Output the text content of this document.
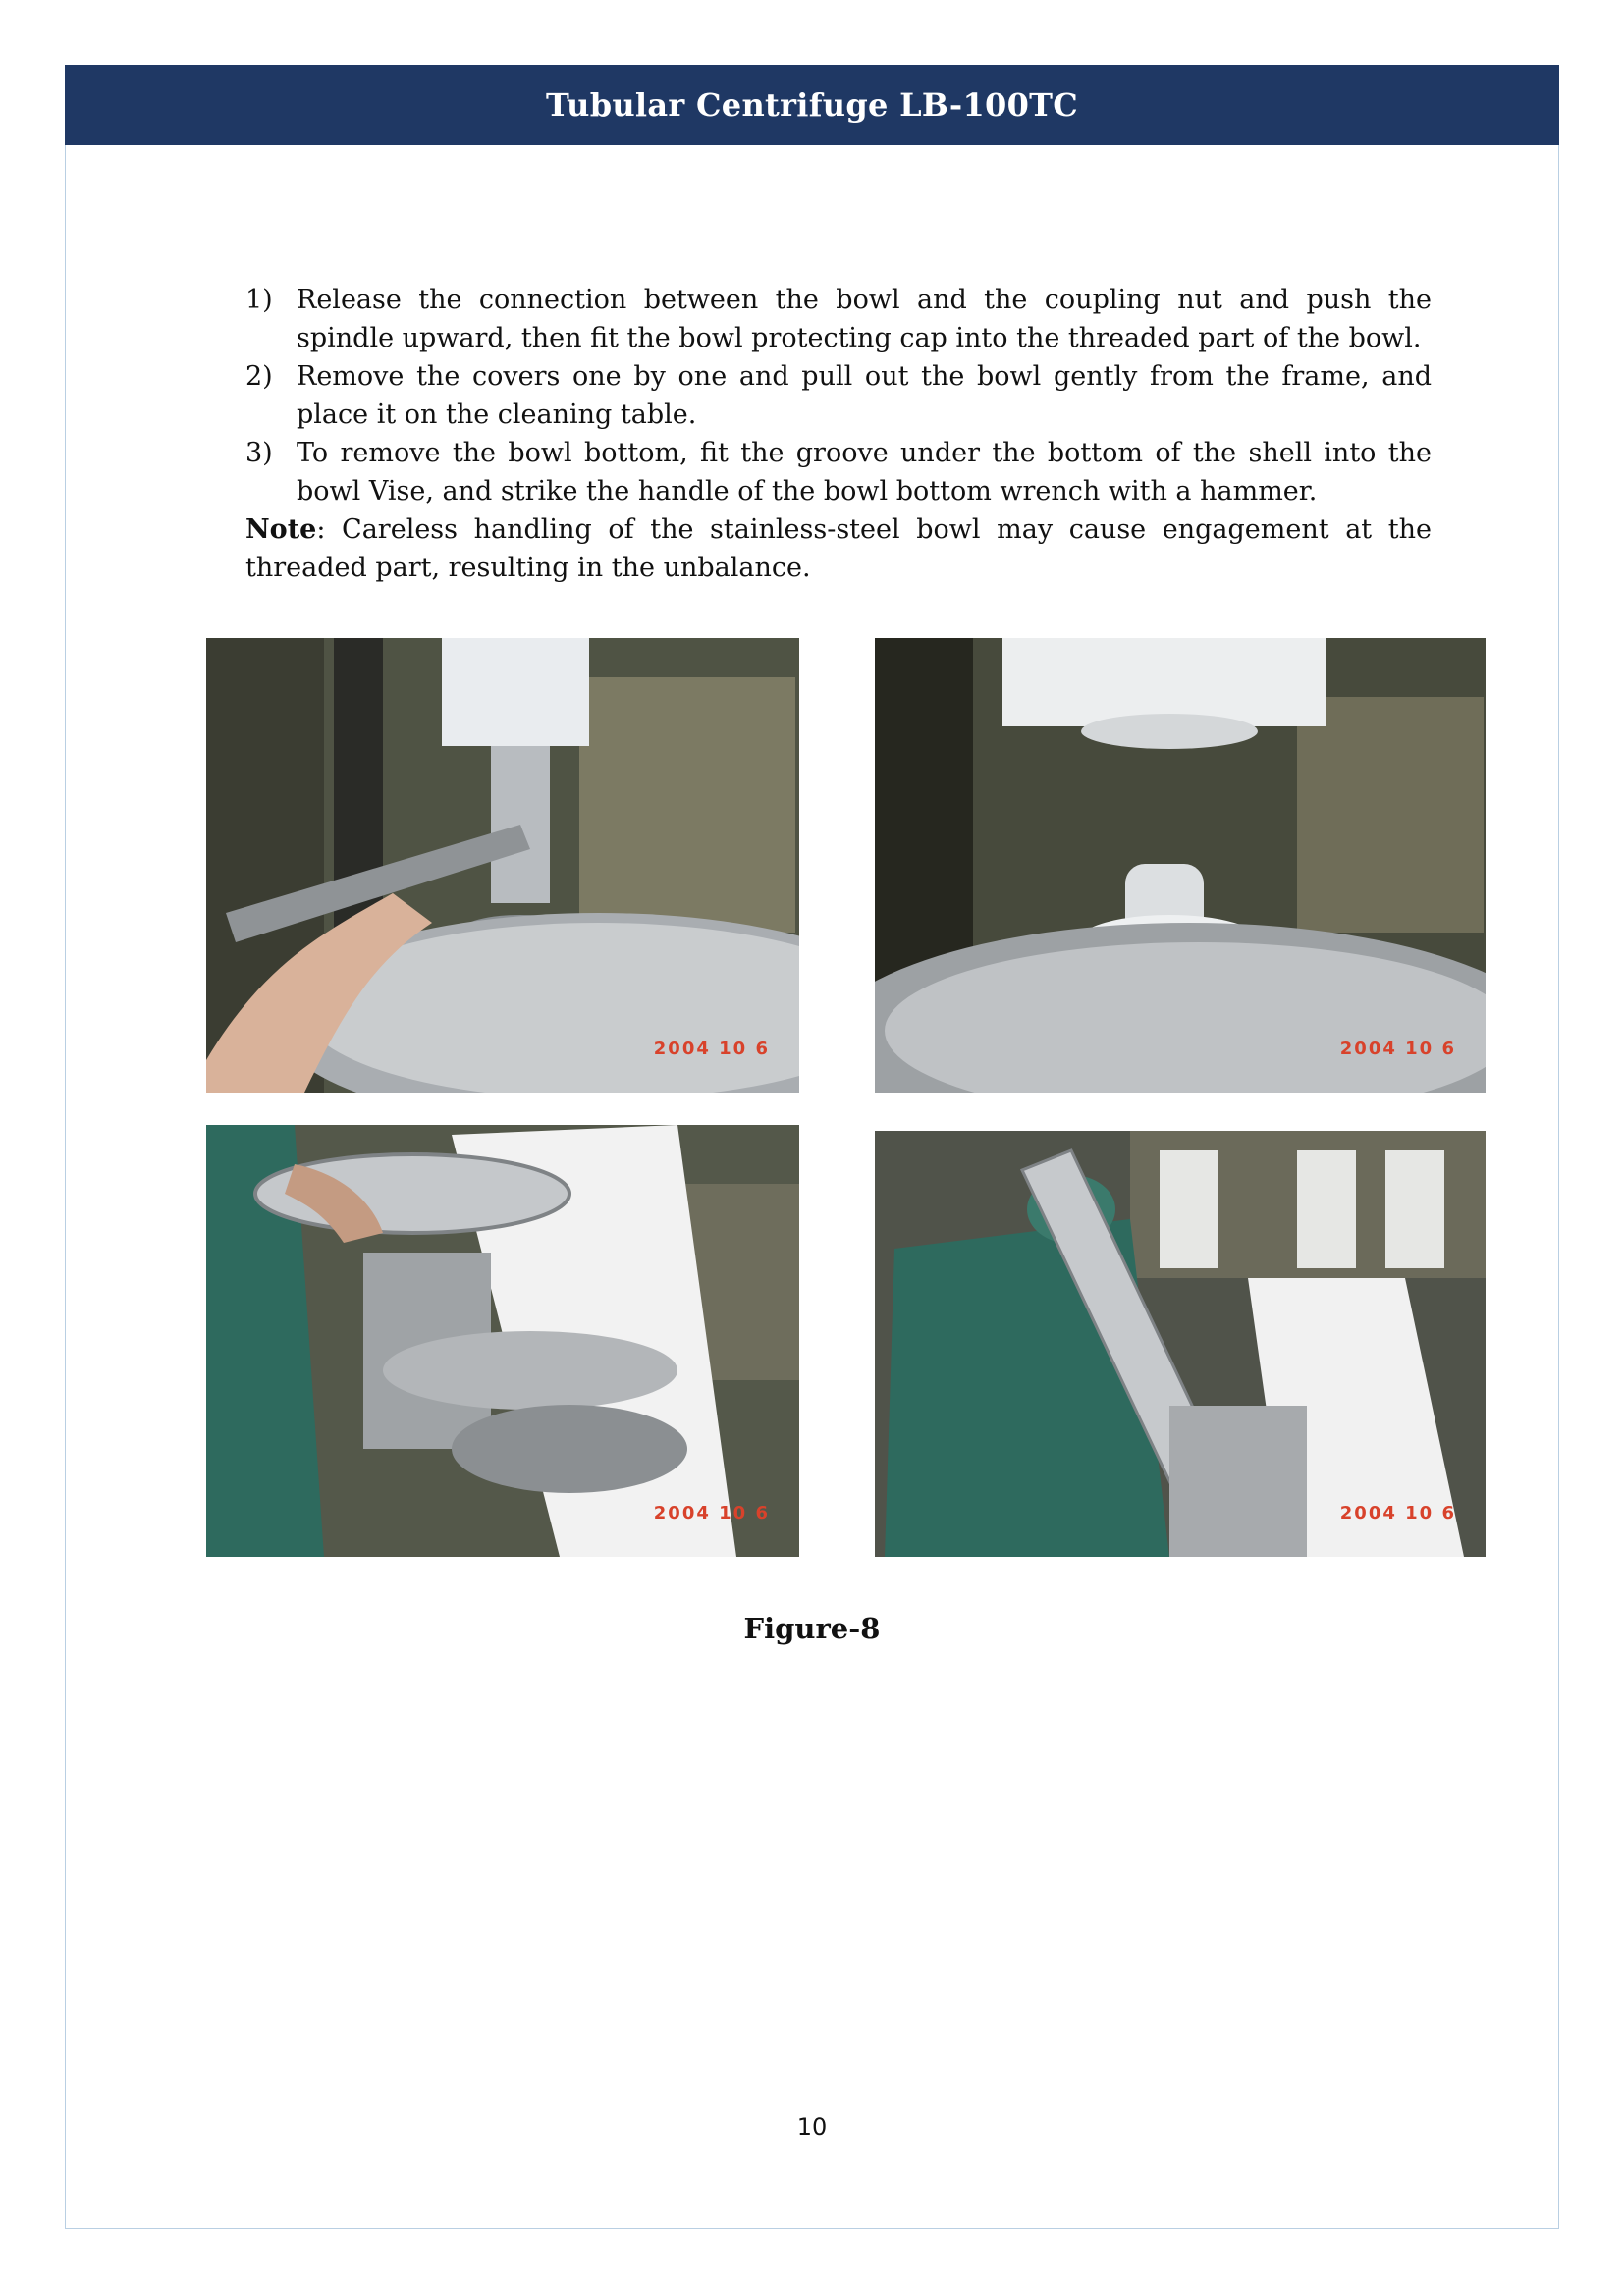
Tubular Centrifuge LB-100TC
1) Release the connection between the bowl and the coupling nut and push the spindle upward, then fit the bowl protecting cap into the threaded part of the bowl.
2) Remove the covers one by one and pull out the bowl gently from the frame, and place it on the cleaning table.
3) To remove the bowl bottom, fit the groove under the bottom of the shell into the bowl Vise, and strike the handle of the bowl bottom wrench with a hammer.

Note: Careless handling of the stainless-steel bowl may cause engagement at the threaded part, resulting in the unbalance.

2004 10 6	2004 10 6
2004 10 6	2004 10 6
Figure-8
10
